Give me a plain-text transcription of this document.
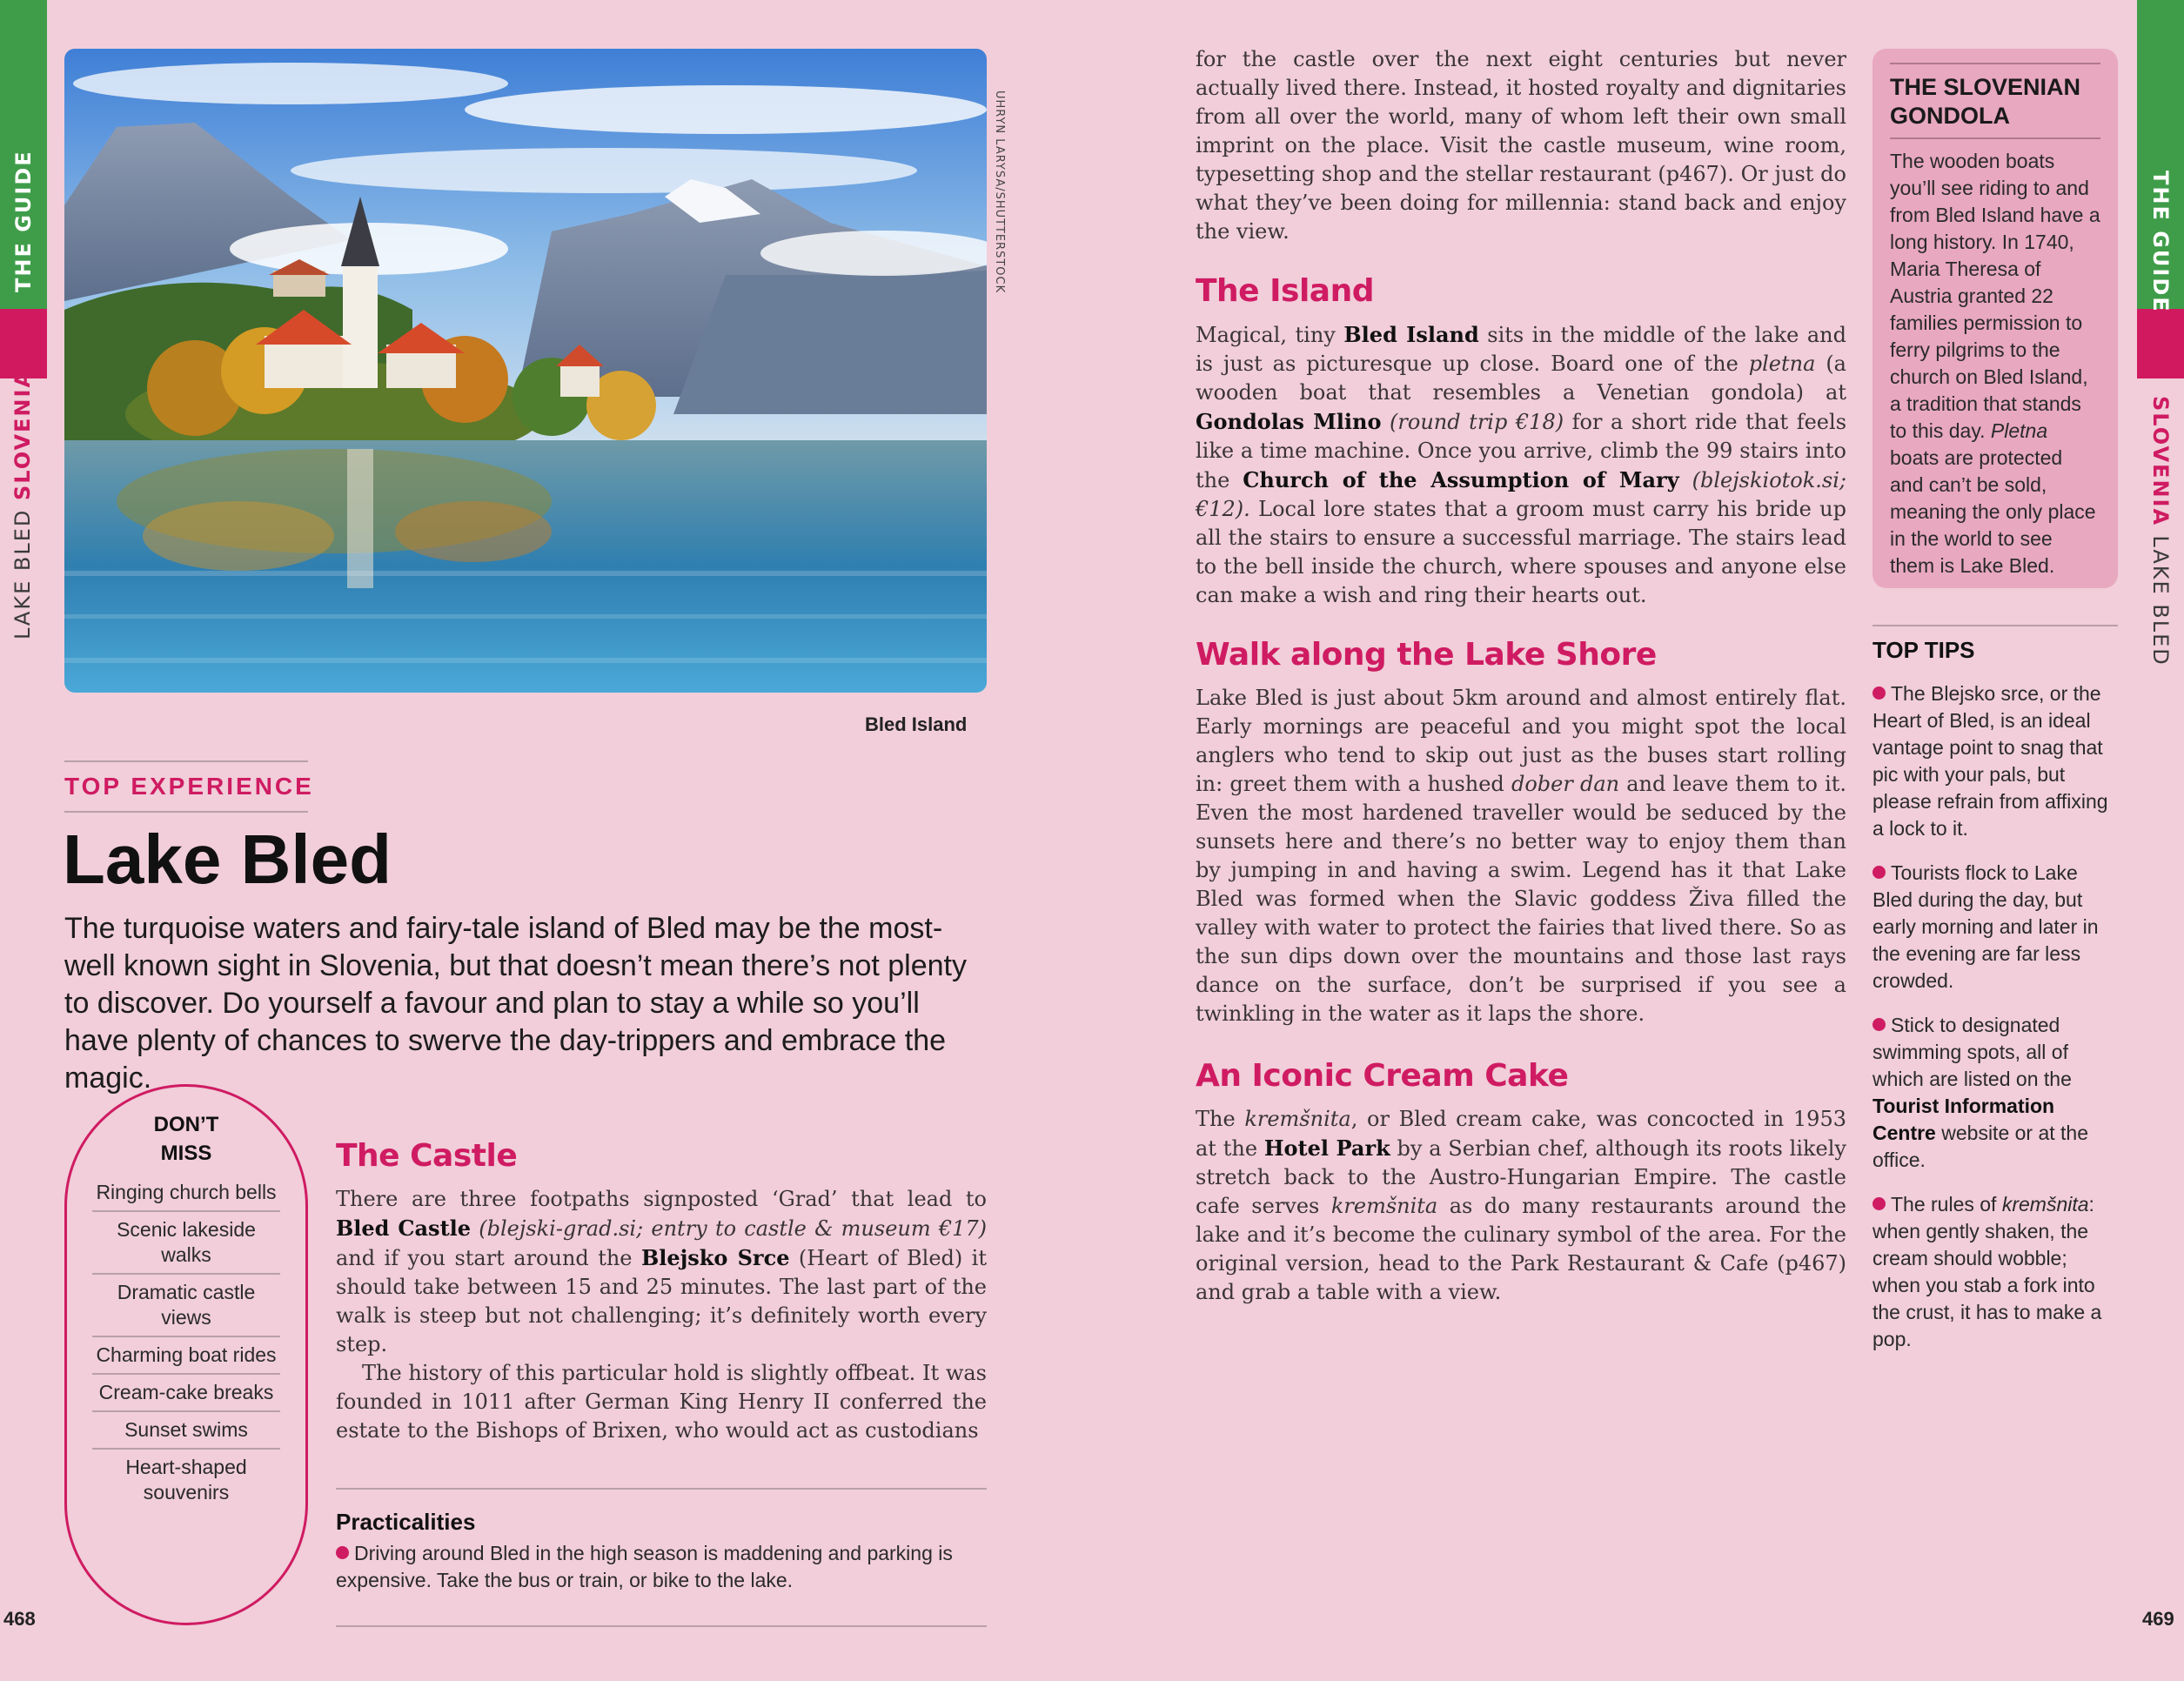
THE GUIDE
LAKE BLED SLOVENIA
THE GUIDE
SLOVENIA LAKE BLED
UHRYN LARYSA/SHUTTERSTOCK
Bled Island
TOP EXPERIENCE
Lake Bled
The turquoise waters and fairy-tale island of Bled may be the most-well known sight in Slovenia, but that doesn’t mean there’s not plenty to discover. Do yourself a favour and plan to stay a while so you’ll have plenty of chances to swerve the day-trippers and embrace the magic.
DON’T
MISS
Ringing church bells
Scenic lakeside walks
Dramatic castle views
Charming boat rides
Cream-cake breaks
Sunset swims
Heart-shaped souvenirs
The Castle

There are three footpaths signposted ‘Grad’ that lead to Bled Castle (blejski-grad.si; entry to castle & museum €17) and if you start around the Blejsko Srce (Heart of Bled) it should take between 15 and 25 minutes. The last part of the walk is steep but not challenging; it’s definitely worth every step.

The history of this particular hold is slightly offbeat. It was founded in 1011 after German King Henry II conferred the estate to the Bishops of Brixen, who would act as custodians

Practicalities
Driving around Bled in the high season is maddening and parking is expensive. Take the bus or train, or bike to the lake.
for the castle over the next eight centuries but never actually lived there. Instead, it hosted royalty and dignitaries from all over the world, many of whom left their own small imprint on the place. Visit the castle museum, wine room, typesetting shop and the stellar restaurant (p467). Or just do what they’ve been doing for millennia: stand back and enjoy the view.
The Island
Magical, tiny Bled Island sits in the middle of the lake and is just as picturesque up close. Board one of the pletna (a wooden boat that resembles a Venetian gondola) at Gondolas Mlino (round trip €18) for a short ride that feels like a time machine. Once you arrive, climb the 99 stairs into the Church of the Assumption of Mary (blejskiotok.si; €12). Local lore states that a groom must carry his bride up all the stairs to ensure a successful marriage. The stairs lead to the bell inside the church, where spouses and anyone else can make a wish and ring their hearts out.
Walk along the Lake Shore
Lake Bled is just about 5km around and almost entirely flat. Early mornings are peaceful and you might spot the local anglers who tend to skip out just as the buses start rolling in: greet them with a hushed dober dan and leave them to it. Even the most hardened traveller would be seduced by the sunsets here and there’s no better way to enjoy them than by jumping in and having a swim. Legend has it that Lake Bled was formed when the Slavic goddess Živa filled the valley with water to protect the fairies that lived there. So as the sun dips down over the mountains and those last rays dance on the surface, don’t be surprised if you see a twinkling in the water as it laps the shore.
An Iconic Cream Cake
The kremšnita, or Bled cream cake, was concocted in 1953 at the Hotel Park by a Serbian chef, although its roots likely stretch back to the Austro-Hungarian Empire. The castle cafe serves kremšnita as do many restaurants around the lake and it’s become the culinary symbol of the area. For the original version, head to the Park Restaurant & Cafe (p467) and grab a table with a view.
THE SLOVENIAN GONDOLA
The wooden boats you’ll see riding to and from Bled Island have a long history. In 1740, Maria Theresa of Austria granted 22 families permission to ferry pilgrims to the church on Bled Island, a tradition that stands to this day. Pletna boats are protected and can’t be sold, meaning the only place in the world to see them is Lake Bled.
TOP TIPS
The Blejsko srce, or the Heart of Bled, is an ideal vantage point to snag that pic with your pals, but please refrain from affixing a lock to it.
Tourists flock to Lake Bled during the day, but early morning and later in the evening are far less crowded.
Stick to designated swimming spots, all of which are listed on the Tourist Information Centre website or at the office.
The rules of kremšnita: when gently shaken, the cream should wobble; when you stab a fork into the crust, it has to make a pop.
468	469
